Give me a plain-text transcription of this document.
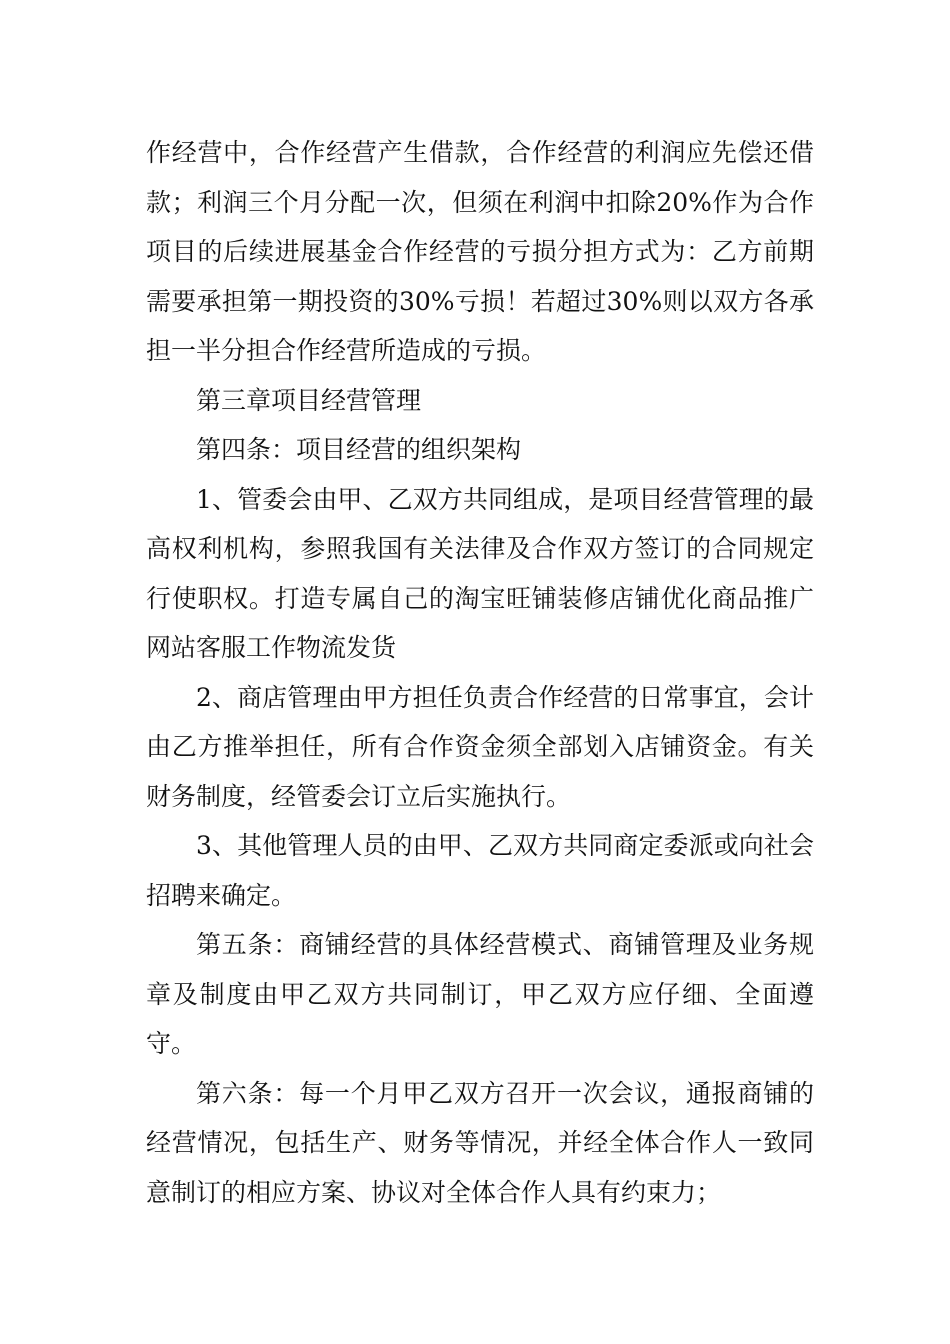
作经营中，合作经营产生借款，合作经营的利润应先偿还借款；利润三个月分配一次，但须在利润中扣除20%作为合作项目的后续进展基金合作经营的亏损分担方式为：乙方前期需要承担第一期投资的30%亏损！若超过30%则以双方各承担一半分担合作经营所造成的亏损。

第三章项目经营管理

第四条：项目经营的组织架构

1、管委会由甲、乙双方共同组成，是项目经营管理的最高权利机构，参照我国有关法律及合作双方签订的合同规定行使职权。打造专属自己的淘宝旺铺装修店铺优化商品推广网站客服工作物流发货

2、商店管理由甲方担任负责合作经营的日常事宜，会计由乙方推举担任，所有合作资金须全部划入店铺资金。有关财务制度，经管委会订立后实施执行。

3、其他管理人员的由甲、乙双方共同商定委派或向社会招聘来确定。

第五条：商铺经营的具体经营模式、商铺管理及业务规章及制度由甲乙双方共同制订，甲乙双方应仔细、全面遵守。

第六条：每一个月甲乙双方召开一次会议，通报商铺的经营情况，包括生产、财务等情况，并经全体合作人一致同意制订的相应方案、协议对全体合作人具有约束力；
